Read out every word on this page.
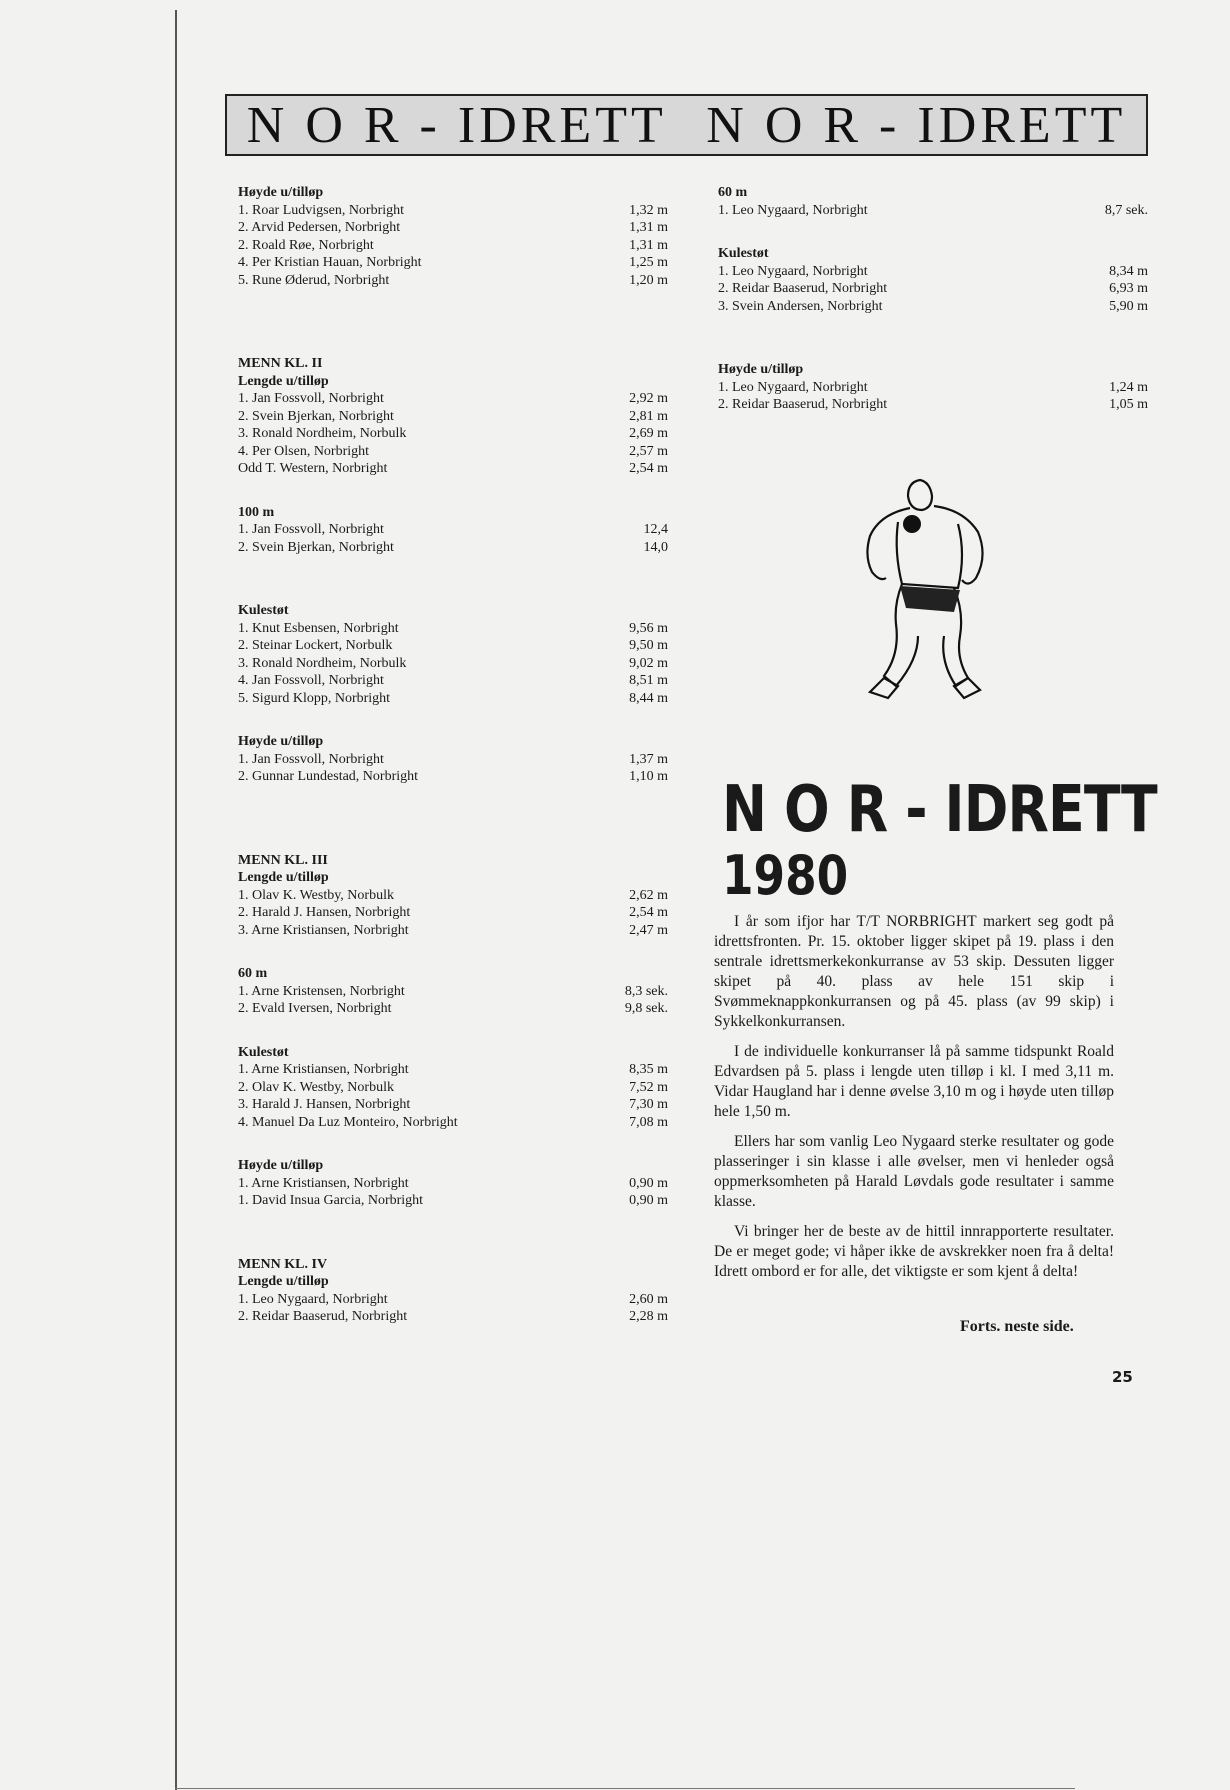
N O R - IDRETT N O R - IDRETT
Høyde u/tilløp
1. Roar Ludvigsen, Norbright	1,32 m
2. Arvid Pedersen, Norbright	1,31 m
2. Roald Røe, Norbright	1,31 m
4. Per Kristian Hauan, Norbright	1,25 m
5. Rune Øderud, Norbright	1,20 m
MENN KL. II
Lengde u/tilløp
1. Jan Fossvoll, Norbright	2,92 m
2. Svein Bjerkan, Norbright	2,81 m
3. Ronald Nordheim, Norbulk	2,69 m
4. Per Olsen, Norbright	2,57 m
Odd T. Western, Norbright	2,54 m
100 m
1. Jan Fossvoll, Norbright	12,4
2. Svein Bjerkan, Norbright	14,0
Kulestøt
1. Knut Esbensen, Norbright	9,56 m
2. Steinar Lockert, Norbulk	9,50 m
3. Ronald Nordheim, Norbulk	9,02 m
4. Jan Fossvoll, Norbright	8,51 m
5. Sigurd Klopp, Norbright	8,44 m
Høyde u/tilløp
1. Jan Fossvoll, Norbright	1,37 m
2. Gunnar Lundestad, Norbright	1,10 m
MENN KL. III
Lengde u/tilløp
1. Olav K. Westby, Norbulk	2,62 m
2. Harald J. Hansen, Norbright	2,54 m
3. Arne Kristiansen, Norbright	2,47 m
60 m
1. Arne Kristensen, Norbright	8,3 sek.
2. Evald Iversen, Norbright	9,8 sek.
Kulestøt
1. Arne Kristiansen, Norbright	8,35 m
2. Olav K. Westby, Norbulk	7,52 m
3. Harald J. Hansen, Norbright	7,30 m
4. Manuel Da Luz Monteiro, Norbright	7,08 m
Høyde u/tilløp
1. Arne Kristiansen, Norbright	0,90 m
1. David Insua Garcia, Norbright	0,90 m
MENN KL. IV
Lengde u/tilløp
1. Leo Nygaard, Norbright	2,60 m
2. Reidar Baaserud, Norbright	2,28 m
60 m
1. Leo Nygaard, Norbright	8,7 sek.
Kulestøt
1. Leo Nygaard, Norbright	8,34 m
2. Reidar Baaserud, Norbright	6,93 m
3. Svein Andersen, Norbright	5,90 m
Høyde u/tilløp
1. Leo Nygaard, Norbright	1,24 m
2. Reidar Baaserud, Norbright	1,05 m
N O R - IDRETT
1980

I år som ifjor har T/T NORBRIGHT markert seg godt på idrettsfronten. Pr. 15. oktober ligger skipet på 19. plass i den sentrale idrettsmerkekonkurranse av 53 skip. Dessuten ligger skipet på 40. plass av hele 151 skip i Svømmeknappkonkurransen og på 45. plass (av 99 skip) i Sykkelkonkurransen.

I de individuelle konkurranser lå på samme tidspunkt Roald Edvardsen på 5. plass i lengde uten tilløp i kl. I med 3,11 m. Vidar Haugland har i denne øvelse 3,10 m og i høyde uten tilløp hele 1,50 m.

Ellers har som vanlig Leo Nygaard sterke resultater og gode plasseringer i sin klasse i alle øvelser, men vi henleder også oppmerksomheten på Harald Løvdals gode resultater i samme klasse.

Vi bringer her de beste av de hittil innrapporterte resultater. De er meget gode; vi håper ikke de avskrekker noen fra å delta! Idrett ombord er for alle, det viktigste er som kjent å delta!

Forts. neste side.
25
